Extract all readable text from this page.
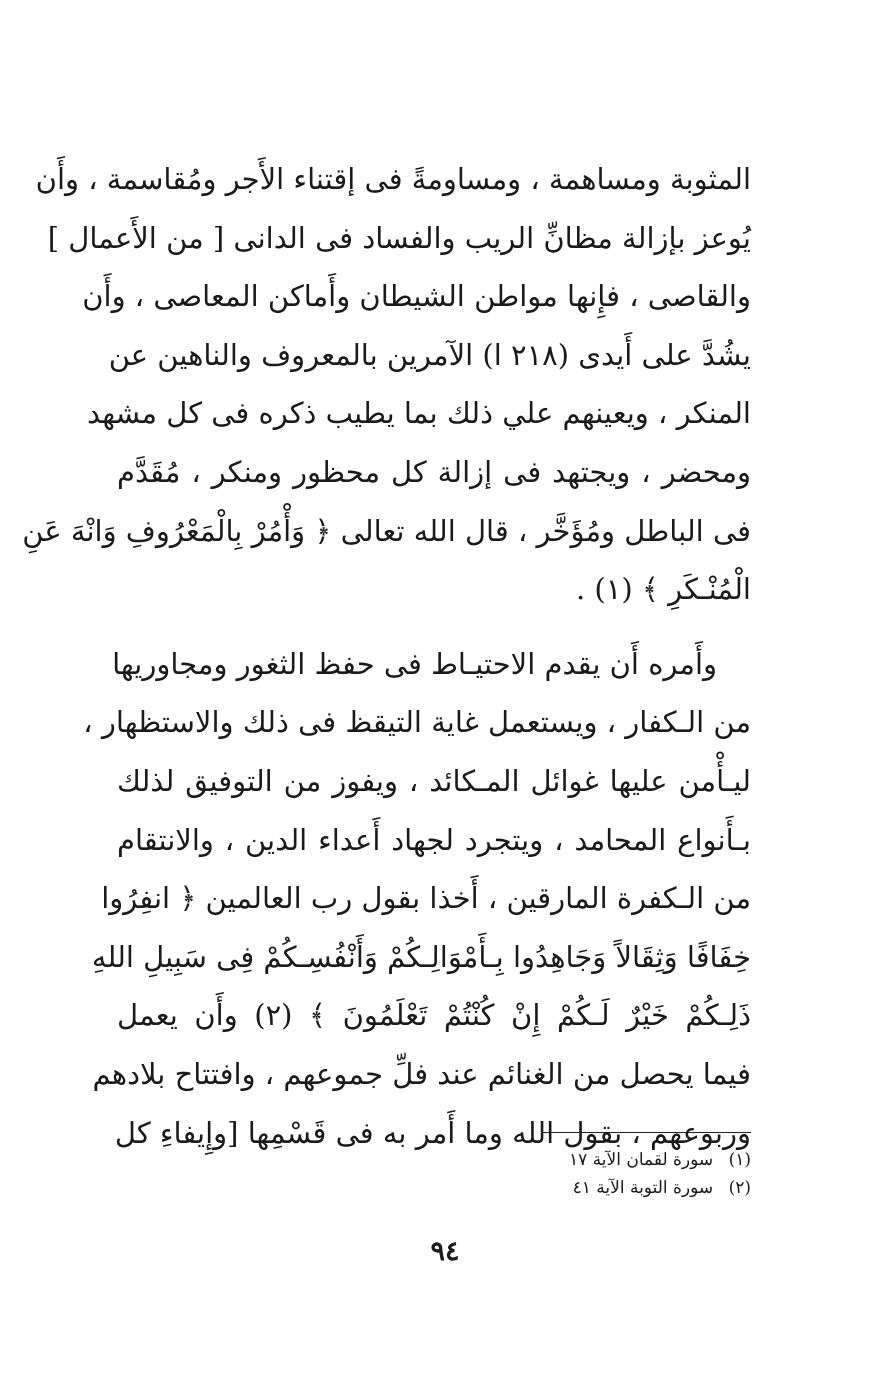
المثوبة ومساهمة ، ومساومةً فى إقتناء الأَجر ومُقاسمة ، وأَن
يُوعز بإزالة مظانِّ الريب والفساد فى الدانى [ من الأَعمال ]
والقاصى ، فإِنها مواطن الشيطان وأَماكن المعاصى ، وأَن
يشُدَّ على أَيدى (٢١٨ ا) الآمرين بالمعروف والناهين عن
المنكر ، ويعينهم علي ذلك بما يطيب ذكره فى كل مشهد
ومحضر ، ويجتهد فى إزالة كل محظور ومنكر ، مُقَدَّم
فى الباطل ومُؤَخَّر ، قال الله تعالى ﴿ وَأْمُرْ بِالْمَعْرُوفِ وَانْهَ عَنِ
الْمُنْـكَرِ ﴾ (١) .
وأَمره أَن يقدم الاحتيـاط فى حفظ الثغور ومجاوريها
من الـكفار ، ويستعمل غاية التيقظ فى ذلك والاستظهار ،
ليـأْمن عليها غوائل المـكائد ، ويفوز من التوفيق لذلك
بـأَنواع المحامد ، ويتجرد لجهاد أَعداء الدين ، والانتقام
من الـكفرة المارقين ، أَخذا بقول رب العالمين ﴿ انفِرُوا
خِفَافًا وَثِقَالاً وَجَاهِدُوا بِـأَمْوَالِـكُمْ وَأَنْفُسِـكُمْ فِى سَبِيلِ اللهِ
ذَلِـكُمْ خَيْرٌ لَـكُمْ إِنْ كُنْتُمْ تَعْلَمُونَ ﴾ (٢) وأَن يعمل
فيما يحصل من الغنائم عند فلِّ جموعهم ، وافتتاح بلادهم
وربوعهم ، بقول الله وما أَمر به فى قَسْمِها [وإِيفاءِ كل
(١) سورة لقمان الآية ١٧
(٢) سورة التوبة الآية ٤١
٩٤
